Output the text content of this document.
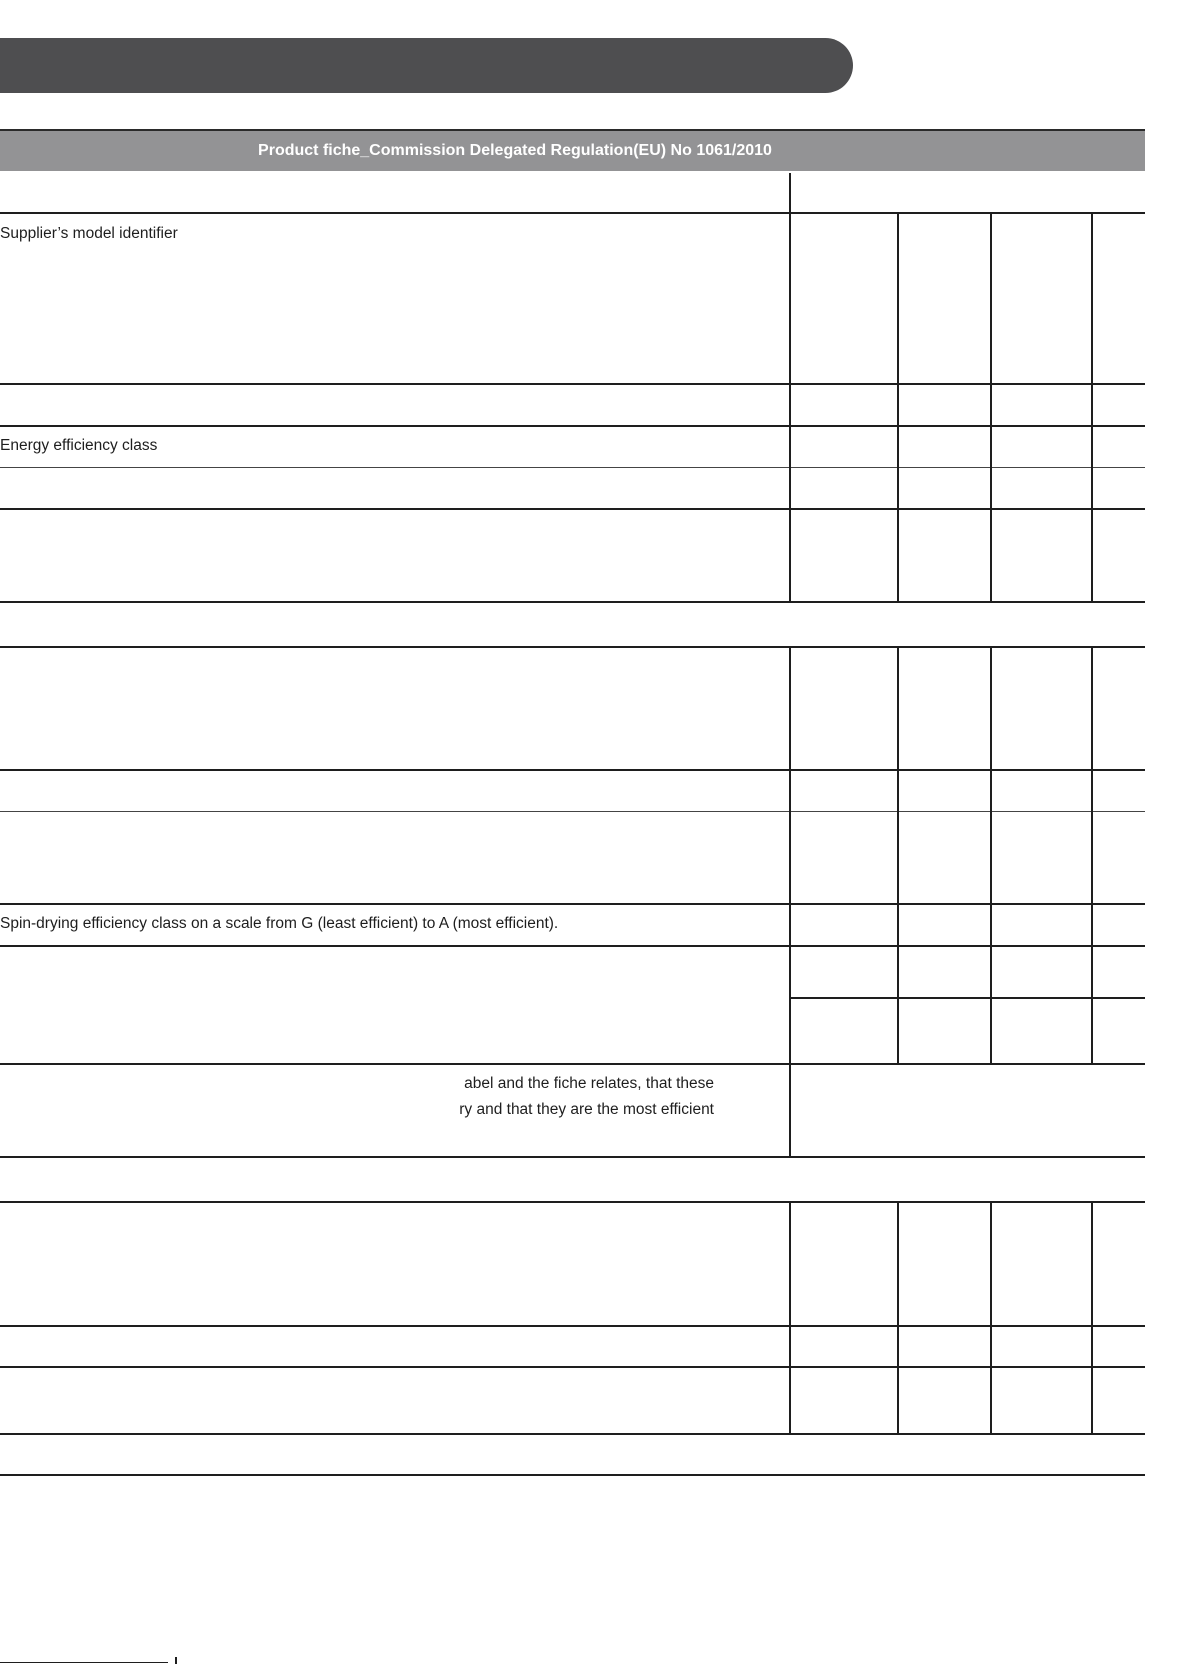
Product fiche_Commission Delegated Regulation(EU) No 1061/2010
Supplier’s model identifier
Energy efficiency class
Spin-drying efficiency class on a scale from G (least efficient) to A (most efficient).
abel and the fiche relates, that these
ry and that they are the most efficient
